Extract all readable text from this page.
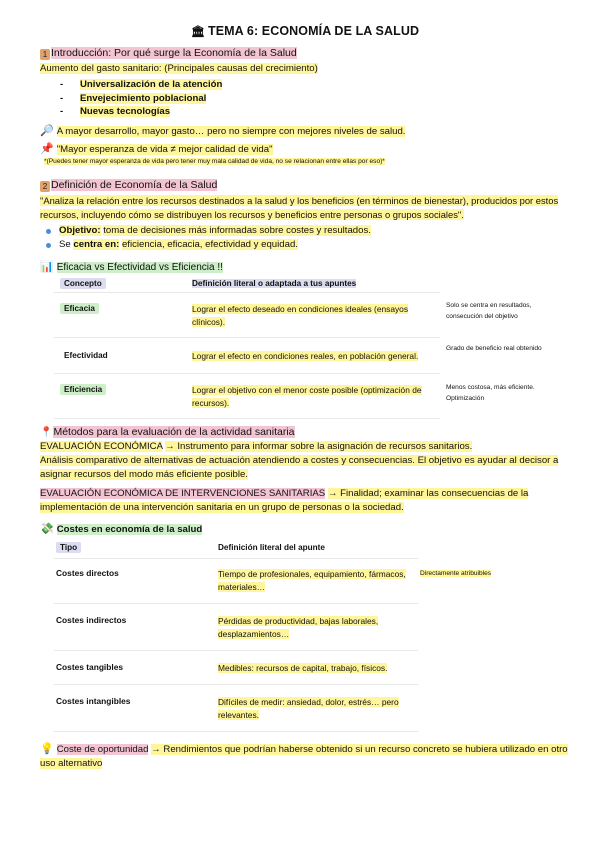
🏛 TEMA 6: ECONOMÍA DE LA SALUD

1 Introducción: Por qué surge la Economía de la Salud

Aumento del gasto sanitario: (Principales causas del crecimiento)

- Universalización de la atención
- Envejecimiento poblacional
- Nuevas tecnologías

🔎 A mayor desarrollo, mayor gasto… pero no siempre con mejores niveles de salud.

📌 "Mayor esperanza de vida ≠ mejor calidad de vida"

*(Puedes tener mayor esperanza de vida pero tener muy mala calidad de vida, no se relacionan entre ellas por eso)*

2 Definición de Economía de la Salud

"Analiza la relación entre los recursos destinados a la salud y los beneficios (en términos de bienestar), producidos por estos recursos, incluyendo cómo se distribuyen los recursos y beneficios entre personas o grupos sociales".

Objetivo: toma de decisiones más informadas sobre costes y resultados.
Se centra en: eficiencia, eficacia, efectividad y equidad.

📊 Eficacia vs Efectividad vs Eficiencia !!

Concepto	Definición literal o adaptada a tus apuntes	
Eficacia	Lograr el efecto deseado en condiciones ideales (ensayos clínicos).	Solo se centra en resultados, consecución del objetivo
Efectividad	Lograr el efecto en condiciones reales, en población general.	Grado de beneficio real obtenido
Eficiencia	Lograr el objetivo con el menor coste posible (optimización de recursos).	Menos costosa, más eficiente. Optimización

📍Métodos para la evaluación de la actividad sanitaria

EVALUACIÓN ECONÓMICA → Instrumento para informar sobre la asignación de recursos sanitarios.

Análisis comparativo de alternativas de actuación atendiendo a costes y consecuencias. El objetivo es ayudar al decisor a asignar recursos del modo más eficiente posible.

EVALUACIÓN ECONÓMICA DE INTERVENCIONES SANITARIAS → Finalidad; examinar las consecuencias de la implementación de una intervención sanitaria en un grupo de personas o la sociedad.

💸 Costes en economía de la salud

Tipo	Definición literal del apunte	
Costes directos	Tiempo de profesionales, equipamiento, fármacos, materiales…	Directamente atribuibles
Costes indirectos	Pérdidas de productividad, bajas laborales, desplazamientos…	
Costes tangibles	Medibles: recursos de capital, trabajo, físicos.	
Costes intangibles	Difíciles de medir: ansiedad, dolor, estrés… pero relevantes.	

💡 Coste de oportunidad → Rendimientos que podrían haberse obtenido si un recurso concreto se hubiera utilizado en otro uso alternativo
